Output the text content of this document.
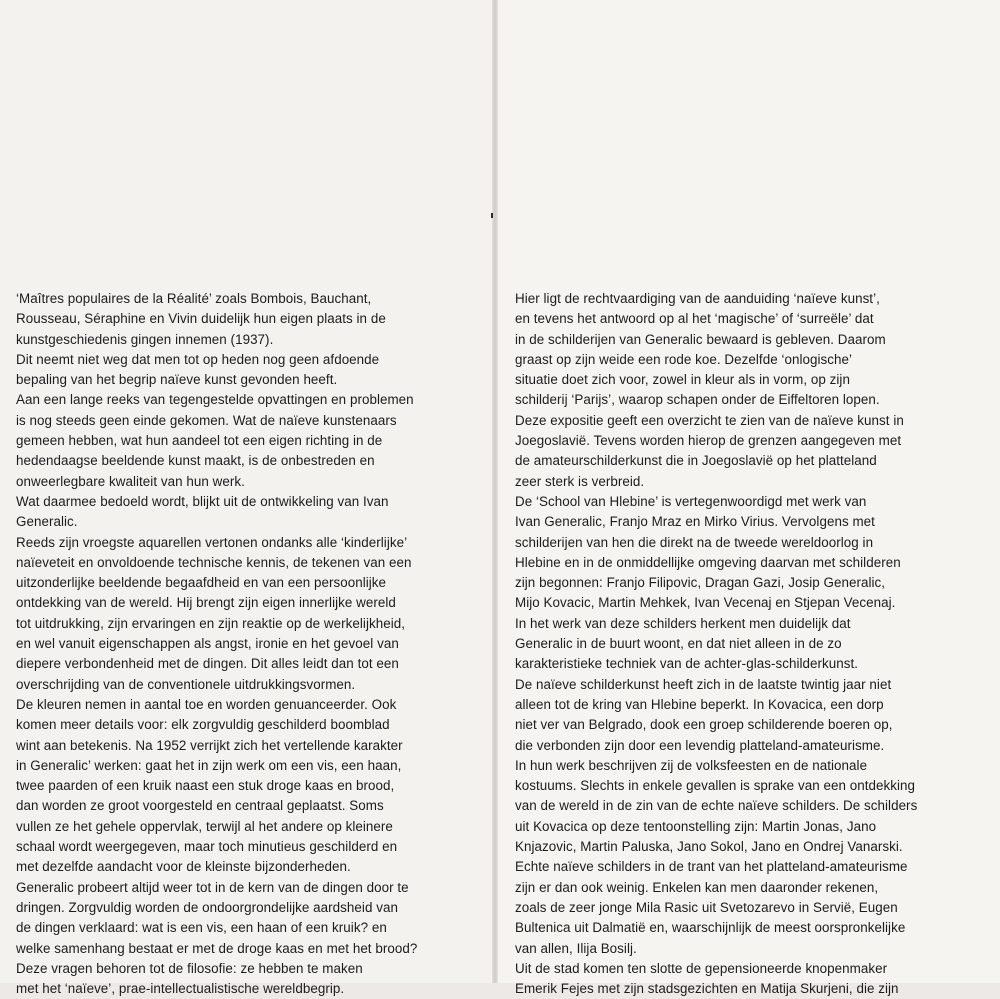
‘Maîtres populaires de la Réalité’ zoals Bombois, Bauchant,
Rousseau, Séraphine en Vivin duidelijk hun eigen plaats in de
kunstgeschiedenis gingen innemen (1937).
Dit neemt niet weg dat men tot op heden nog geen afdoende
bepaling van het begrip naïeve kunst gevonden heeft.
Aan een lange reeks van tegengestelde opvattingen en problemen
is nog steeds geen einde gekomen. Wat de naïeve kunstenaars
gemeen hebben, wat hun aandeel tot een eigen richting in de
hedendaagse beeldende kunst maakt, is de onbestreden en
onweerlegbare kwaliteit van hun werk.
Wat daarmee bedoeld wordt, blijkt uit de ontwikkeling van Ivan
Generalic.
Reeds zijn vroegste aquarellen vertonen ondanks alle ‘kinderlijke’
naïeveteit en onvoldoende technische kennis, de tekenen van een
uitzonderlijke beeldende begaafdheid en van een persoonlijke
ontdekking van de wereld. Hij brengt zijn eigen innerlijke wereld
tot uitdrukking, zijn ervaringen en zijn reaktie op de werkelijkheid,
en wel vanuit eigenschappen als angst, ironie en het gevoel van
diepere verbondenheid met de dingen. Dit alles leidt dan tot een
overschrijding van de conventionele uitdrukkingsvormen.
De kleuren nemen in aantal toe en worden genuanceerder. Ook
komen meer details voor: elk zorgvuldig geschilderd boomblad
wint aan betekenis. Na 1952 verrijkt zich het vertellende karakter
in Generalic’ werken: gaat het in zijn werk om een vis, een haan,
twee paarden of een kruik naast een stuk droge kaas en brood,
dan worden ze groot voorgesteld en centraal geplaatst. Soms
vullen ze het gehele oppervlak, terwijl al het andere op kleinere
schaal wordt weergegeven, maar toch minutieus geschilderd en
met dezelfde aandacht voor de kleinste bijzonderheden.
Generalic probeert altijd weer tot in de kern van de dingen door te
dringen. Zorgvuldig worden de ondoorgrondelijke aardsheid van
de dingen verklaard: wat is een vis, een haan of een kruik? en
welke samenhang bestaat er met de droge kaas en met het brood?
Deze vragen behoren tot de filosofie: ze hebben te maken
met het ‘naïeve’, prae-intellectualistische wereldbegrip.
Hier ligt de rechtvaardiging van de aanduiding ‘naïeve kunst’,
en tevens het antwoord op al het ‘magische’ of ‘surreële’ dat
in de schilderijen van Generalic bewaard is gebleven. Daarom
graast op zijn weide een rode koe. Dezelfde ‘onlogische’
situatie doet zich voor, zowel in kleur als in vorm, op zijn
schilderij ‘Parijs’, waarop schapen onder de Eiffeltoren lopen.
Deze expositie geeft een overzicht te zien van de naïeve kunst in
Joegoslavië. Tevens worden hierop de grenzen aangegeven met
de amateurschilderkunst die in Joegoslavië op het platteland
zeer sterk is verbreid.
De ‘School van Hlebine’ is vertegenwoordigd met werk van
Ivan Generalic, Franjo Mraz en Mirko Virius. Vervolgens met
schilderijen van hen die direkt na de tweede wereldoorlog in
Hlebine en in de onmiddellijke omgeving daarvan met schilderen
zijn begonnen: Franjo Filipovic, Dragan Gazi, Josip Generalic,
Mijo Kovacic, Martin Mehkek, Ivan Vecenaj en Stjepan Vecenaj.
In het werk van deze schilders herkent men duidelijk dat
Generalic in de buurt woont, en dat niet alleen in de zo
karakteristieke techniek van de achter-glas-schilderkunst.
De naïeve schilderkunst heeft zich in de laatste twintig jaar niet
alleen tot de kring van Hlebine beperkt. In Kovacica, een dorp
niet ver van Belgrado, dook een groep schilderende boeren op,
die verbonden zijn door een levendig platteland-amateurisme.
In hun werk beschrijven zij de volksfeesten en de nationale
kostuums. Slechts in enkele gevallen is sprake van een ontdekking
van de wereld in de zin van de echte naïeve schilders. De schilders
uit Kovacica op deze tentoonstelling zijn: Martin Jonas, Jano
Knjazovic, Martin Paluska, Jano Sokol, Jano en Ondrej Vanarski.
Echte naïeve schilders in de trant van het platteland-amateurisme
zijn er dan ook weinig. Enkelen kan men daaronder rekenen,
zoals de zeer jonge Mila Rasic uit Svetozarevo in Servië, Eugen
Bultenica uit Dalmatië en, waarschijnlijk de meest oorspronkelijke
van allen, Ilija Bosilj.
Uit de stad komen ten slotte de gepensioneerde knopenmaker
Emerik Fejes met zijn stadsgezichten en Matija Skurjeni, die zijn
